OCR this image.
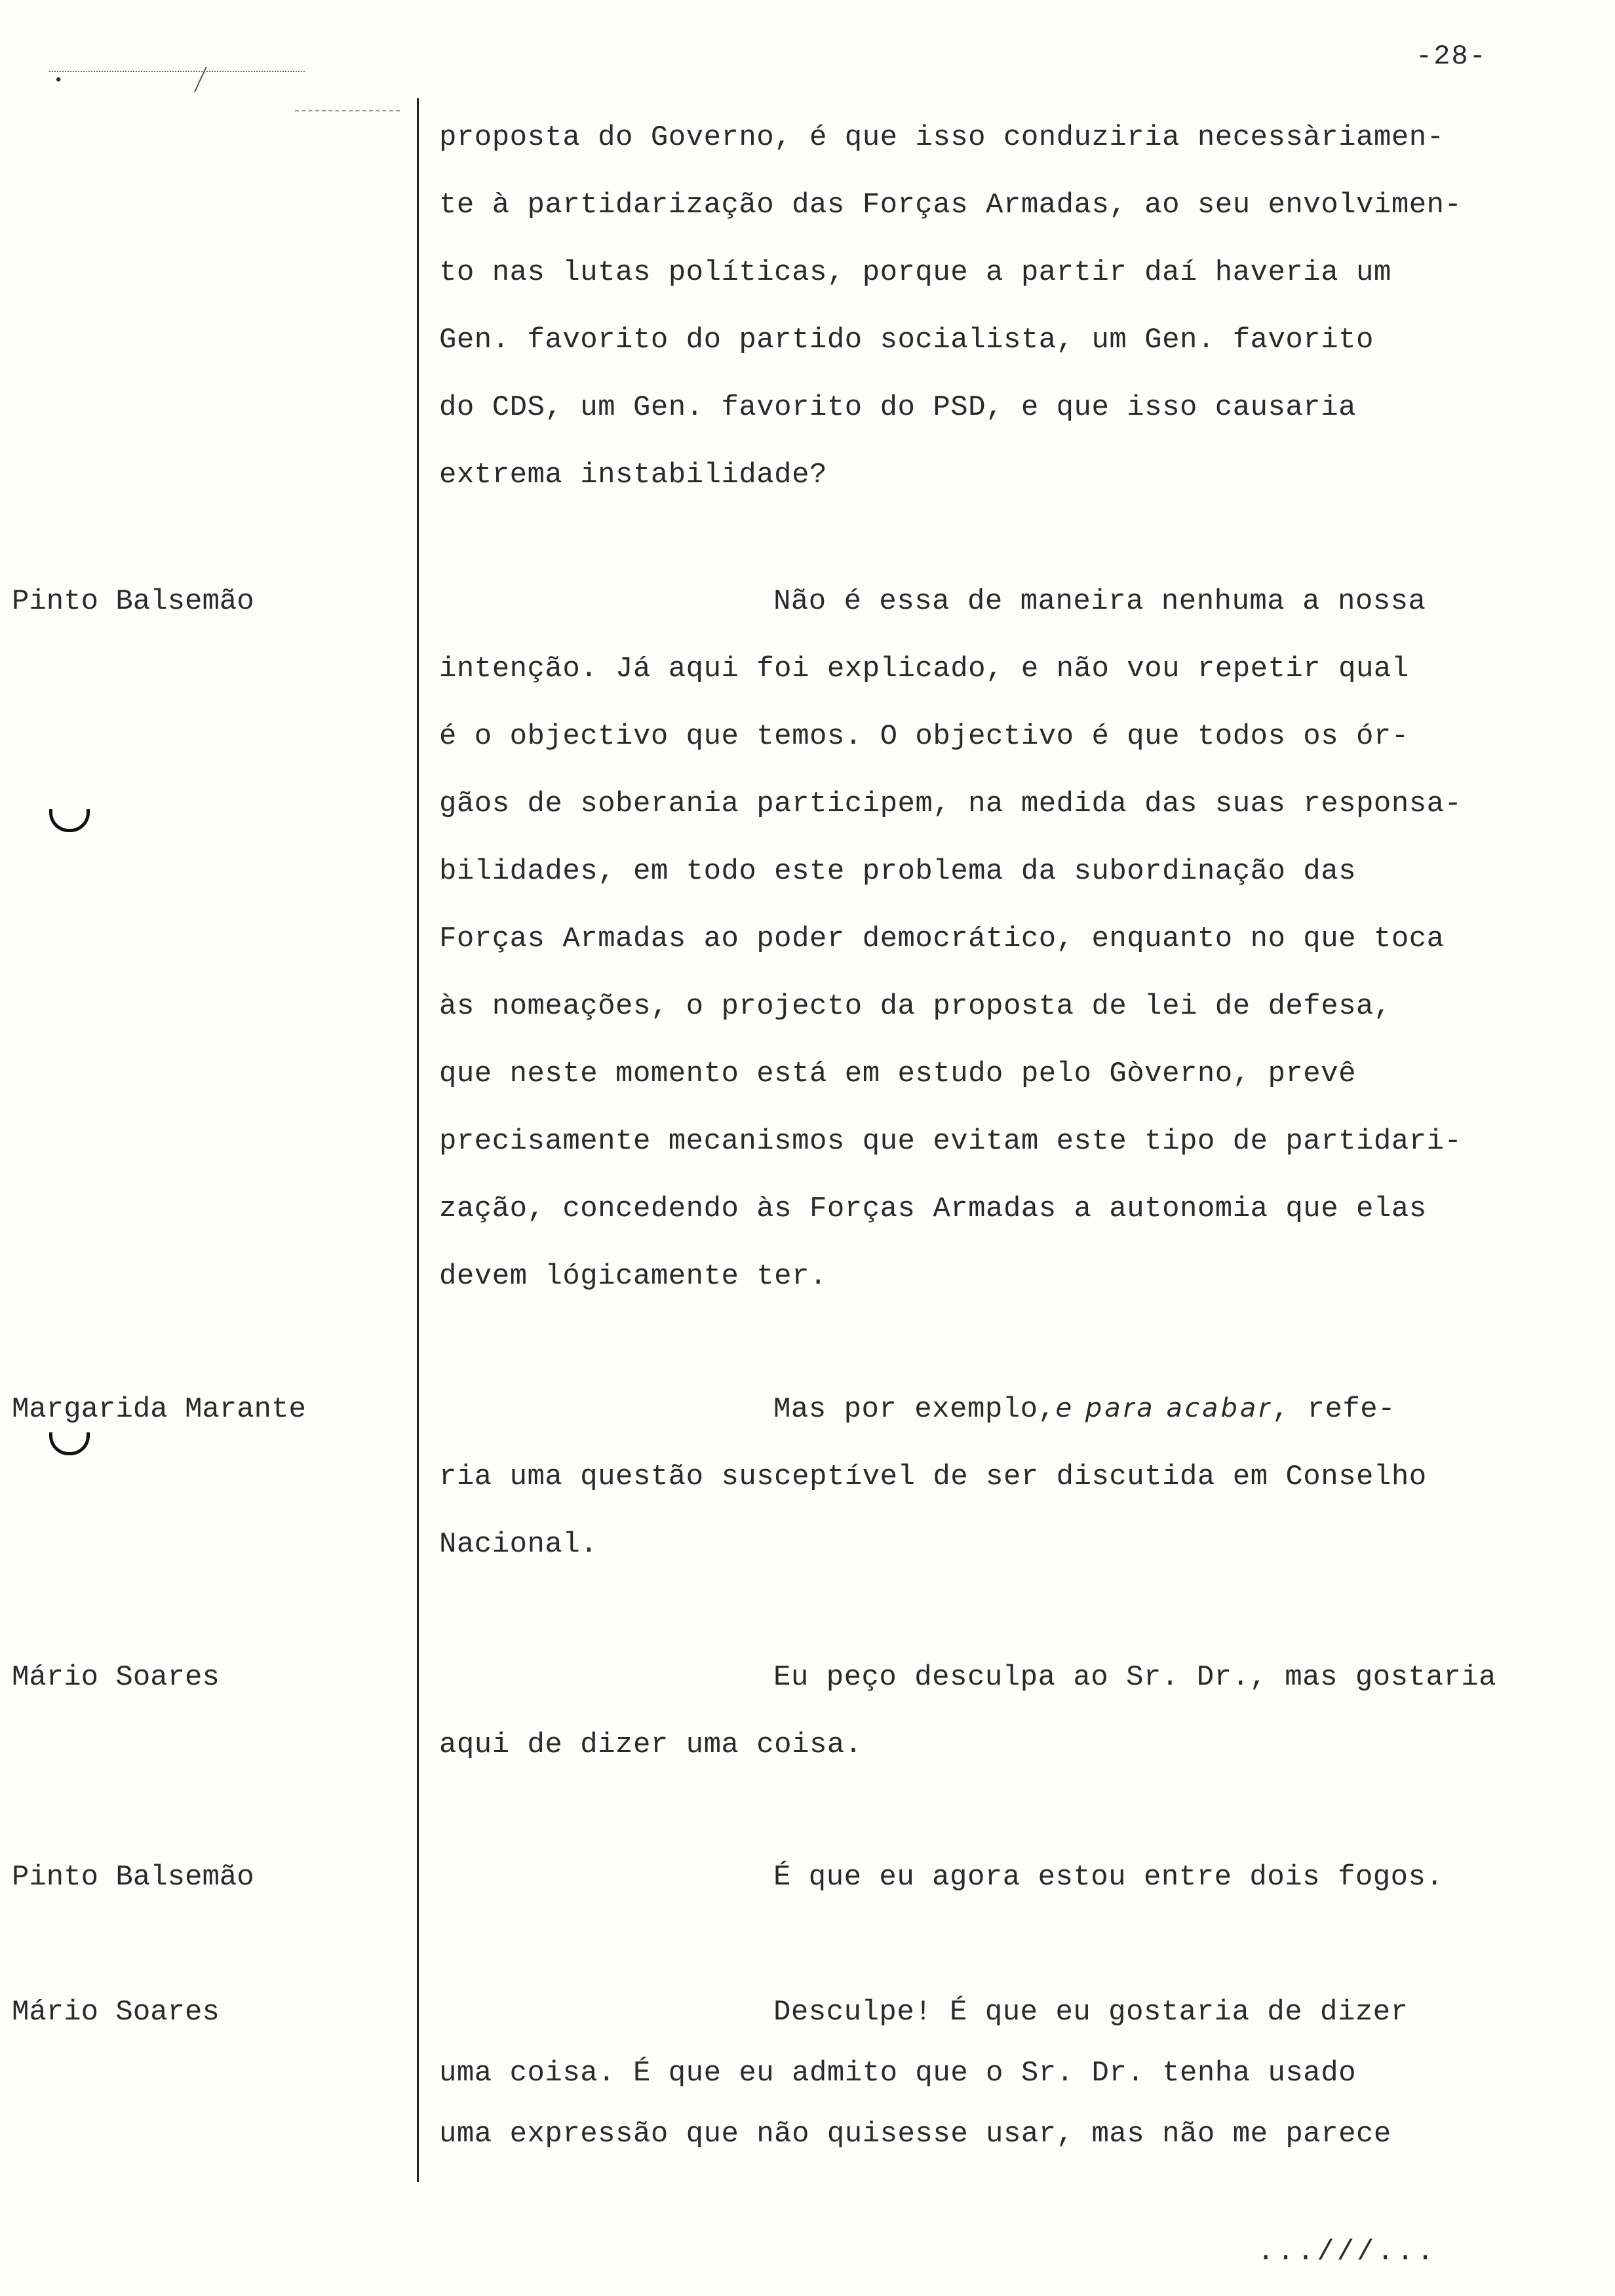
-28-
•
Pinto Balsemão
Margarida Marante
Mário Soares
Pinto Balsemão
Mário Soares
proposta do Governo, é que isso conduziria necessàriamen-
te à partidarização das Forças Armadas, ao seu envolvimen-
to nas lutas políticas, porque a partir daí haveria um
Gen. favorito do partido socialista, um Gen. favorito
do CDS, um Gen. favorito do PSD, e que isso causaria
extrema instabilidade?
Não é essa de maneira nenhuma a nossa
intenção. Já aqui foi explicado, e não vou repetir qual
é o objectivo que temos. O objectivo é que todos os ór-
gãos de soberania participem, na medida das suas responsa-
bilidades, em todo este problema da subordinação das
Forças Armadas ao poder democrático, enquanto no que toca
às nomeações, o projecto da proposta de lei de defesa,
que neste momento está em estudo pelo Gòverno, prevê
precisamente mecanismos que evitam este tipo de partidari-
zação, concedendo às Forças Armadas a autonomia que elas
devem lógicamente ter.
Mas por exemplo,e para acabar, refe-
ria uma questão susceptível de ser discutida em Conselho
Nacional.
Eu peço desculpa ao Sr. Dr., mas gostaria
aqui de dizer uma coisa.
É que eu agora estou entre dois fogos.
Desculpe! É que eu gostaria de dizer
uma coisa. É que eu admito que o Sr. Dr. tenha usado
uma expressão que não quisesse usar, mas não me parece
...///...
